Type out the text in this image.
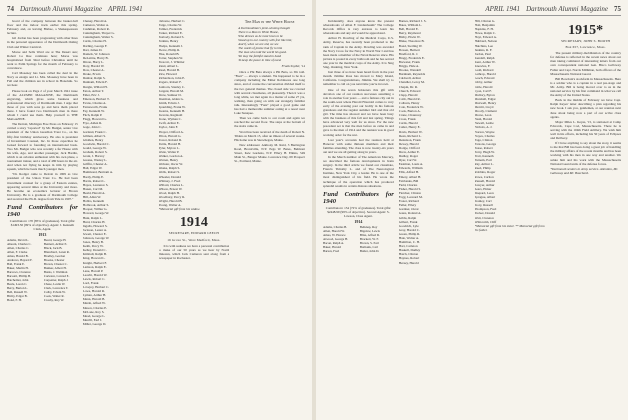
74 Dartmouth Alumni Magazine APRIL 1941

board of the company between the basket-ball floor and the indoor track earlier this spring. February and, on leaving Bisbee, a Shakespearean lecture.

Gil Jordan has been progressing with other lines in the personal appearance of the Dartmouth Outing Club and Winter Carnival.

Morse and Sells Ward are at The Desert sun; Robert La Rue continues here; Morse was hospitalized from 32nd before Christmas until he went to Palm Springs for the month of February to convalesce.

Carl Moseney has been called the deal in the Navy as ensign and Lt. Mrs. Moseney have been in Fall and the children are in school in Honolulu. So we hear.

Please look on Page 2 of your March 1941 issue of the ALUMNI MAGAZINE, the Dartmouth engraving, which gives some business and professional directory of Dartmouth men. I urge that those of you with sons go and have them placed there. I have found two Dartmouth men in there whom I could use them. Help yourself to THE MAGAZINE.

The Detroit, Michigan Free Press on February 15 carried a story "reported" by Mr. Budget, senior vice president of the Union Guardian Trust Co., on his fifty-first birthday anniversary. He also is president of Investment Counsel, Inc. In those capacities he looked forward to founding an international basis. Two Mr. Budget who was recently a fur House with his wife, Age, and another passenger, Jack Hardin, which is an aviation enthusiast with his own plane, a tournament trainer, and a total of 480 hours in the air. And when not flying he keeps in trim by playing squash, which he beats much younger men.

"Dr. Rodger came to Detroit in 1909 as vice president of the Union Trust Co. He had been investment counsel for a group of Eastern estates, appearing several times at the University and more. He became an economics lecturer at Brown University. He is a graduate of Dartmouth College and received the Ph.D. degree from Yale in 1907."

Fund Contributors for 1940
Contributors: 170 (85% of graduates). Total gifts: $1493.50 (99% of objective). Agent: J. Kenneth Clark, Agent.
1913
Adams, David L.
Ahearn, Charles C.
Allen, Charles C.
Allen, F. Clarke
Ames, Harold B.
Andrews, Bayard F.
Ball, Frank E.
Baker, Martin H.
Barrows, Clarence
Barsotti, Phillip B.
Batchelder, John
Beale, Loren C.
Berry, Burton L.
Bell, Russell W.
Bixby, Edgar B.
Bond, F. H.
Beard, George H.
Bennett, Arthur E.
Black, Jack B.
Blanchard, Laren R.
Bradley, Gordon
Brooks, Chester
Brown, Chester C.
Bunker, Albert H.
Burns, J. Waltman
Carleton, Conrad E.
Carpenter, Ralph J.
Chase, Leslie W.
Clark, Lawrence T.
Colby, Edwin W.
Cook, Walter R.
Crosby, Roy W.
Cheney, Harold A.
Cameron, Walter A.
Cushman, Robert R.
Cunningham, Thayer G.
Cunningham, Walter S.
Curtis, Charles H.
Darling, George F.
Dart, James D.
Daniels, W. Johnson
DeLaittre, Harry B.
Dixon, Harry L.
Doty, Harold W.
Dow, Chester A.
Drake, Erwin
Dunbar, Ralph S.
Dunham, Edwin F.
Durgin, Willard H.
Eaton, Arthur T.
Elder, Eric J.
Emerson, Herbert T.
Evans, Charles A.
Farnsworth, Frank
Fay, Kenneth W.
Fitch, Ralph P.
Flagg, Howard G.
Frye, Alden R.
Gage, John C.
Garland, Frank C.
Gilman, Albert S.
Glidden, Henry
Goodwin, Harold C.
Gould, George W.
Graham, Robert S.
Grant, J. Harvey
Greene, Wesley L.
Griffin, Chester A.
Hall, Edgar W.
Hammond, Bertram A.
Hardy, Philip E.
Harris, Robert L.
Hayes, Laurence S.
Hazen, Carl M.
Heald, Harold A.
Hill, Allan W.
Hobbs, Kenneth
Holbrook, Arthur S.
Hooper, Wilbur G.
Howard, George W.
Hunt, Ralph L.
Hurd, Charles H.
Ingalls, Howard S.
Jackson, Lester A.
Jewett, Chester E.
Johnson, George W.
Jones, Henry B.
Keith, Percy W.
Kelley, Donald C.
Kimball, Ralph B.
King, Howard L.
Knight, Herbert F.
Lamson, Ralph E.
Lane, Harold P.
Leavitt, Harold W.
Lewis, Robert C.
Lord, Frank
Lovejoy, Herbert C.
Lowe, Harold R.
Lyman, Arthur H.
Mann, Harold B.
Marsh, Alfred W.
Mason, Charles E.
McLane, Roy S.
Mead, George L.
Merrill, Earl J.
Miller, George D.
Osborne, Herbert C.
Paige, Charles W.
Palmer, Frederick
Parker, Richard E.
Peabody, Roland S.
Perkins, Henry
Phelps, Kenneth J.
Pierce, Philip R.
Pike, Ronald B.
Potter, Stephen W.
Prescott, J. Whittier
Rand, Albert L.
Read, Harold B.
Rice, Howard
Richardson, John E.
Rogers, Robert F.
Sanborn, Stanley C.
Sargent, Harold M.
Shaw, Sumner D.
Sherman, Alden G.
Smith, Edwin J.
Spaulding, Frank W.
Stearns, Kenneth H.
Stevens, Reginald
Stone, Wyman C.
Swift, Arthur E.
Taylor, John F.
Thayer, Clifford A.
Tilton, Harold G.
Tower, Roland D.
Tuttle, Harold H.
Tyler, Myron L.
Wade, Walter P.
Walker, Gordon A.
Warren, Henry
Webster, Oscar W.
Weeks, Ralph S.
Wells, Robert S.
Wheeler, Donald
Whitney, J. Fred
Willard, Charles L.
Wilson, Ernest W.
Wood, Ralph H.
Woodbury, Percy R.
Wright, Harold B.
Young, Walter A.
*Memorial gift from his widow.
1914
SECRETARY, EDWARD LEECH
16 Grove St., West Medford, Mass.

It is with sadness we have a personal contribution to make of our 50 years as we hear by North Dakotan, which Jack Cameron sent along from a newspaper in Rochester.

The Man in the White House
A Dartmouthian's prize-winning thought
There is a Man in White House,
Who dresses as he most loves to be
Stood up in our country with feet like him;
And if, when we are old, we see
The words of praise that fly to him
The man who told the world his good.
Yet may the faithful stand in hand
To keep the peace in time of need.
Frank Snyder, '14

Once a Phi Beta always a Phi Beta, so I'm told. "Fuzz" — always a student. We happened to be in a company including the Elmer Robinsons one long since, and of course the conversation divided itself to the two general themes. The closed side we covered with several classmates, all pleasantly. Then it was a long while, we met again in a matter of some 27 yrs, walking, then going on with our strangely familiar talk. Interestingly "Fuzz" played a good game and has had a memorable summer outing at a resort near Lake Sunapee.

Then we came back to our room and again we reached the second floor. The steps at the bottom of the stairs came in.

Word has been received of the death of Robert N. Tilden on March 15, after an illness of several weeks. His home was in Skowhegan, Maine.

New addresses: Anthony M. Reid, 3 Barrington Road, Bronxville, N.Y. Pegs W. Bates, Belmont Street, Kew Gardens, N.Y. Ellery H. Elkins, 549 Main St., Bangor Maine. Lawrence Day, 69 Prospect St., Portland, Maine.

APRIL 1941 Dartmouth Alumni Magazine 75

Incidentally, does anyone know the present whereabouts of Allan F. Lindenbaum? The College Records Office is very anxious to learn his whereabouts and any aid would be appreciated.

Arthur H. Dowling of the Medical Corps, U.S. Army, Reserve, has recently been promoted to the rank of Captain in the Army. Dowling was awarded the Navy Cross for the Navy in World War I and has been made a member of the Naval Reserve since. His picture is posted in every ballroom and he has served one year in the medical corps of the Army. It is Sing Sing, Ossining, New York.

Just three of us have been heard from in the past month. Jimmie Ross has moved to Mary Island, California. Congratulations, Jimmie. We shall try to remember to call on you next time you're in town.

One of the seven bolsterers this gift with devotion one of our reunion successes assuming a role in another four years — and a famous city out in the south-west where Harold Fitzerald comes to very early of the evening past our bodily in his famous grandsons and the regular summer bird and that old girl. The time has showed and we have been busy with the business of this fall and last spring. Things have advanced very well for us since. For the new precedent set is that the men before us came in and gave to the men of 1914 and the reunion was in good working order for the rest.

Last year's accounts had the reunion held at Hanover with some thirteen members and their families attending. The class is now twenty-six years out and we are all getting along in years.

In the March number of The American Mercury, we described the famous developments in brain surgery. In the third article we found our classmate, Francis Timothy L. and of The Neurological Institute, New York City, a leader. He is one of the most distinguished of his field. He wrote the technique of the operation which has produced splendid results in certain distress situations.

Fund Contributors for 1940
Contributors: 154 (72% of graduates). Total gifts: $2448.99 (99% of objective). Second Agent: S. Lawson, Class Agent.
1914
Adams, Charles B.
Allen, Harold W.
Ames, W. Horace
Atwood, George H.
Bacon, Ralph A.
Baker, Harold
Barton, Fred
Belknap, Roy
Bigelow, Lewis
Bliss, Alfred D.
Brackett, W. F.
Brown, S. Earl
Burbank, Carl
Butler, John D.
Barnes, Richard J. S.
Bates, William L.
Bell, Harold E.
Berry, Raymond
Bixby, Elwin W.
Blake, Theodore B.
Bond, Sterling W.
Bowen, Herbert
Bradford, R. J.
Bragg, Frederick E.
Brewster, Frank
Briggs, Hale A.
Brooks, Wendell
Burnham, Reynolds
Caldwell, Arthur
Chandler, Leroy M.
Chapin, Dr. R.
Church, Edward
Clapp, Harold
Cobb, Harold R.
Colburn, Henry
Cole, Frederick W.
Cook, Burton A.
Crane, Chauncey
Cross, Frank
Curtis, Harold
Cutler, Henry E.
Davis, Herbert W.
Dean, Richard L.
Dennison, Frank
Dewey, Harold
Dodge, Clifford
Drew, Arthur E.
Dudley, Roger
Dyer, Carl W.
Eastman, Louis A.
Edwards, William
Ellis, Alfred H.
Emery, Albert H.
Fairbanks, Bill
Field, Charles
Fisher, Harold S.
Fletcher, Clinton
Fogg, Leonard M.
Foster, Richard
Fuller, Ellery
Gardner, Oscar
Gates, Roland A.
Gibbs, Ralph
Gilbert, Frank
Goodrich, Lyle
Gray, Harold C.
Green, Philip R.
Hale, Walter A.
Hamilton, C. H.
Hart, Carleton
Haskell, Dudley
Hatch, Clinton
Haynes, Robert
Hersey, Harold
Hill, Clinton G.
Holt, Benjamin
Hopkins, F. H.
Howe, Ralph C.
Hoyt, Edward A.
Hubbard, Nelson
Hutchins, Lee
Jenkins, R. F.
Jordan, Paul
Kendall, Ralph
Kent, Arthur W.
Knowles, F.
Ladd, Richard
Lathrop, Harold
Leach, Edward
Libby, Arthur
Little, Harold
Lyon, Carl F.
Mallory, Byron
Marshall, Edgar
Maxwell, Henry
Merritt, Lloyd
Moody, Clement
Morse, Leon
Nash, Harold
Newell, Leslie
Nichols, A. J.
Norton, Wayne
Noyes, Charles
Page, Clinton
Parsons, George
Pease, Robert
Perry, Hugh W.
Pratt, Kenneth
Putnam, Earl
Ray, Arthur L.
Reed, Philip
Robbins, Roger
Rowe, Carlton
Russell, Harold
Sawyer, Arthur
Sears, Elmer
Shepard, Leon
Sprague, Albert
Stanley, Carl
Story, Russell
Thompson, Fred
Tucker, Donald
Wait, Clarence
Whitcomb, Cliff
*Memorial gift from his sister. ** Memorial gift from his father.
1915*
SECRETARY, JOHN S. BOOTH
Box 657, Lawrence, Mass.

The present military-mobilization of the country for defense is reflected in the recent news about our men taking command of interesting letters from our own correspondent national Gen. Bisco Galloway Fuller and Capt. Norris Milliman, both officers of the Massachusetts National Guard.

Bill Bowdoin's stockfarm in Massachusetts. Here is a soldier who is a captain in a real pre-stage and Mr. Army. Bill is being moved over to us in the national service by his first command in what we call the Army of the United States.

Back in the middle of February we have Capt. Ralph Keyes' letter describing a plan regarding his new book. I ask you, gentlemen, at our reunion next June about being now a part of our active class agents.

Major Miles L. Keyes, '15, is stationed at Camp Edwards, Cape Cod, Massachusetts. There he is serving with the 104th Field Artillery. We wish him well in his efforts, including his 50 years of Eclipses and Delivery.

If I have anything to say about the story, it seems to me that Bill has been doing a great job of handling the military affairs of the recent months and has been working with his men in one way and another. We salute him and his work with the Massachusetts National Guard units of the defense forces.

*Dartmouth seniors in Army service. Attention, Mr. Gallaway and Mr. Bouchard.
